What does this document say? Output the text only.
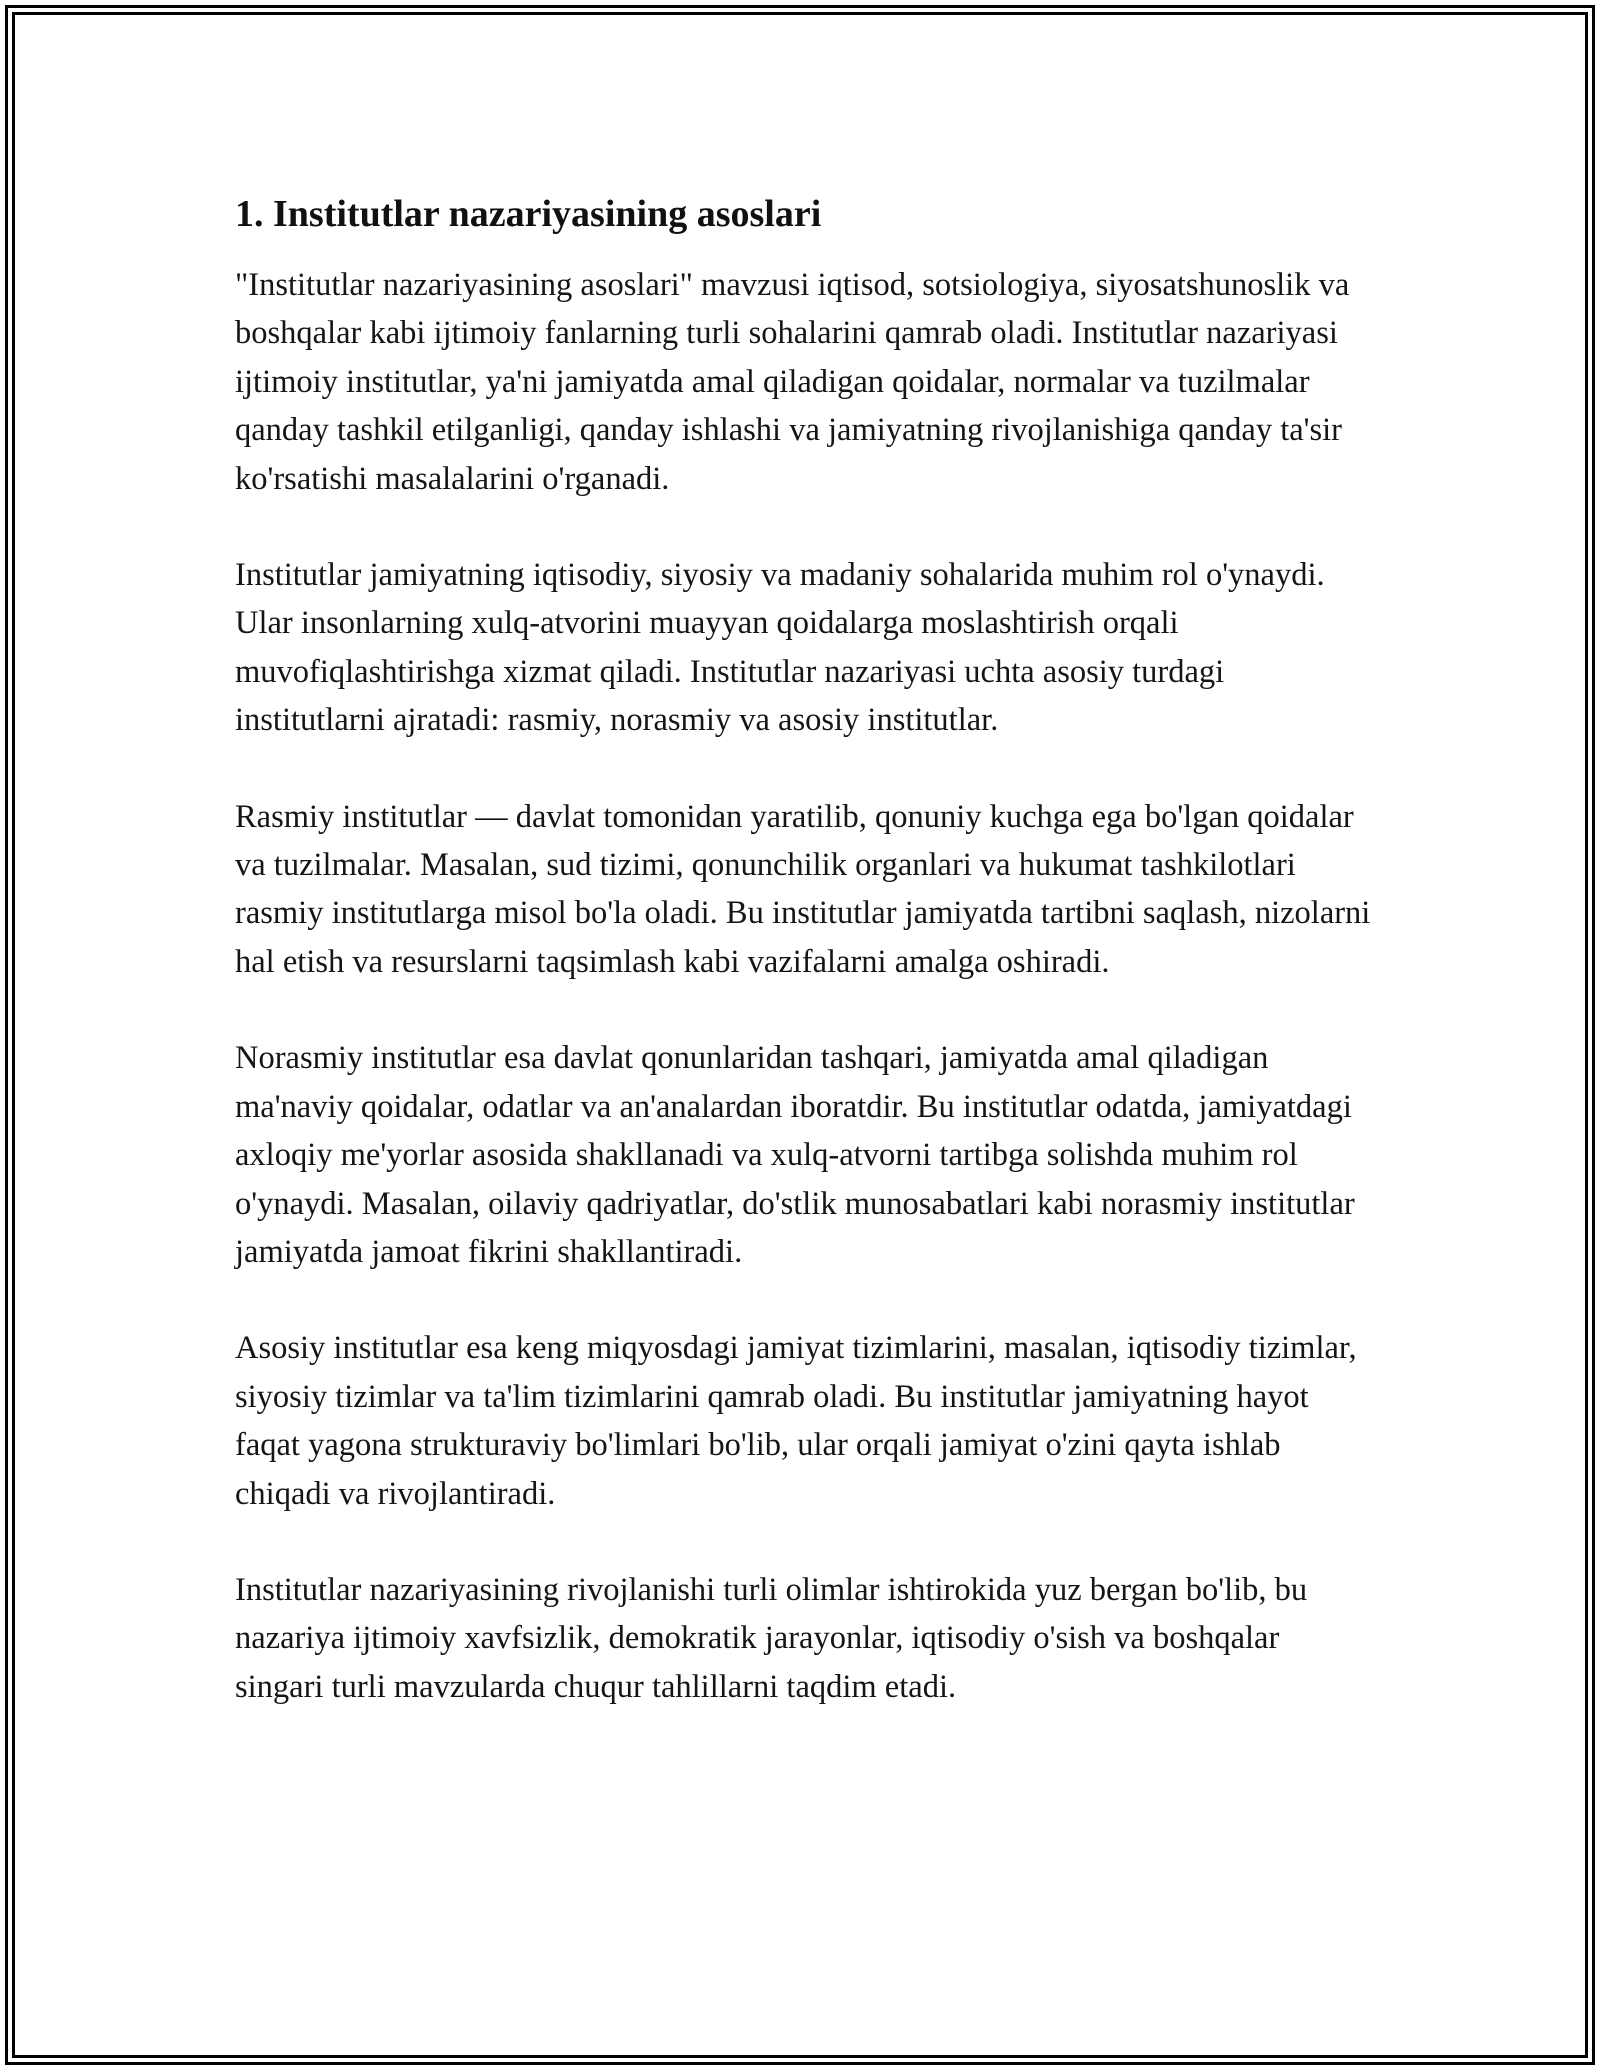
1. Institutlar nazariyasining asoslari

"Institutlar nazariyasining asoslari" mavzusi iqtisod, sotsiologiya, siyosatshunoslik va boshqalar kabi ijtimoiy fanlarning turli sohalarini qamrab oladi. Institutlar nazariyasi ijtimoiy institutlar, ya'ni jamiyatda amal qiladigan qoidalar, normalar va tuzilmalar qanday tashkil etilganligi, qanday ishlashi va jamiyatning rivojlanishiga qanday ta'sir ko'rsatishi masalalarini o'rganadi.

Institutlar jamiyatning iqtisodiy, siyosiy va madaniy sohalarida muhim rol o'ynaydi. Ular insonlarning xulq-atvorini muayyan qoidalarga moslashtirish orqali muvofiqlashtirishga xizmat qiladi. Institutlar nazariyasi uchta asosiy turdagi institutlarni ajratadi: rasmiy, norasmiy va asosiy institutlar.

Rasmiy institutlar — davlat tomonidan yaratilib, qonuniy kuchga ega bo'lgan qoidalar va tuzilmalar. Masalan, sud tizimi, qonunchilik organlari va hukumat tashkilotlari rasmiy institutlarga misol bo'la oladi. Bu institutlar jamiyatda tartibni saqlash, nizolarni hal etish va resurslarni taqsimlash kabi vazifalarni amalga oshiradi.

Norasmiy institutlar esa davlat qonunlaridan tashqari, jamiyatda amal qiladigan ma'naviy qoidalar, odatlar va an'analardan iboratdir. Bu institutlar odatda, jamiyatdagi axloqiy me'yorlar asosida shakllanadi va xulq-atvorni tartibga solishda muhim rol o'ynaydi. Masalan, oilaviy qadriyatlar, do'stlik munosabatlari kabi norasmiy institutlar jamiyatda jamoat fikrini shakllantiradi.

Asosiy institutlar esa keng miqyosdagi jamiyat tizimlarini, masalan, iqtisodiy tizimlar, siyosiy tizimlar va ta'lim tizimlarini qamrab oladi. Bu institutlar jamiyatning hayot faqat yagona strukturaviy bo'limlari bo'lib, ular orqali jamiyat o'zini qayta ishlab chiqadi va rivojlantiradi.

Institutlar nazariyasining rivojlanishi turli olimlar ishtirokida yuz bergan bo'lib, bu nazariya ijtimoiy xavfsizlik, demokratik jarayonlar, iqtisodiy o'sish va boshqalar singari turli mavzularda chuqur tahlillarni taqdim etadi.
